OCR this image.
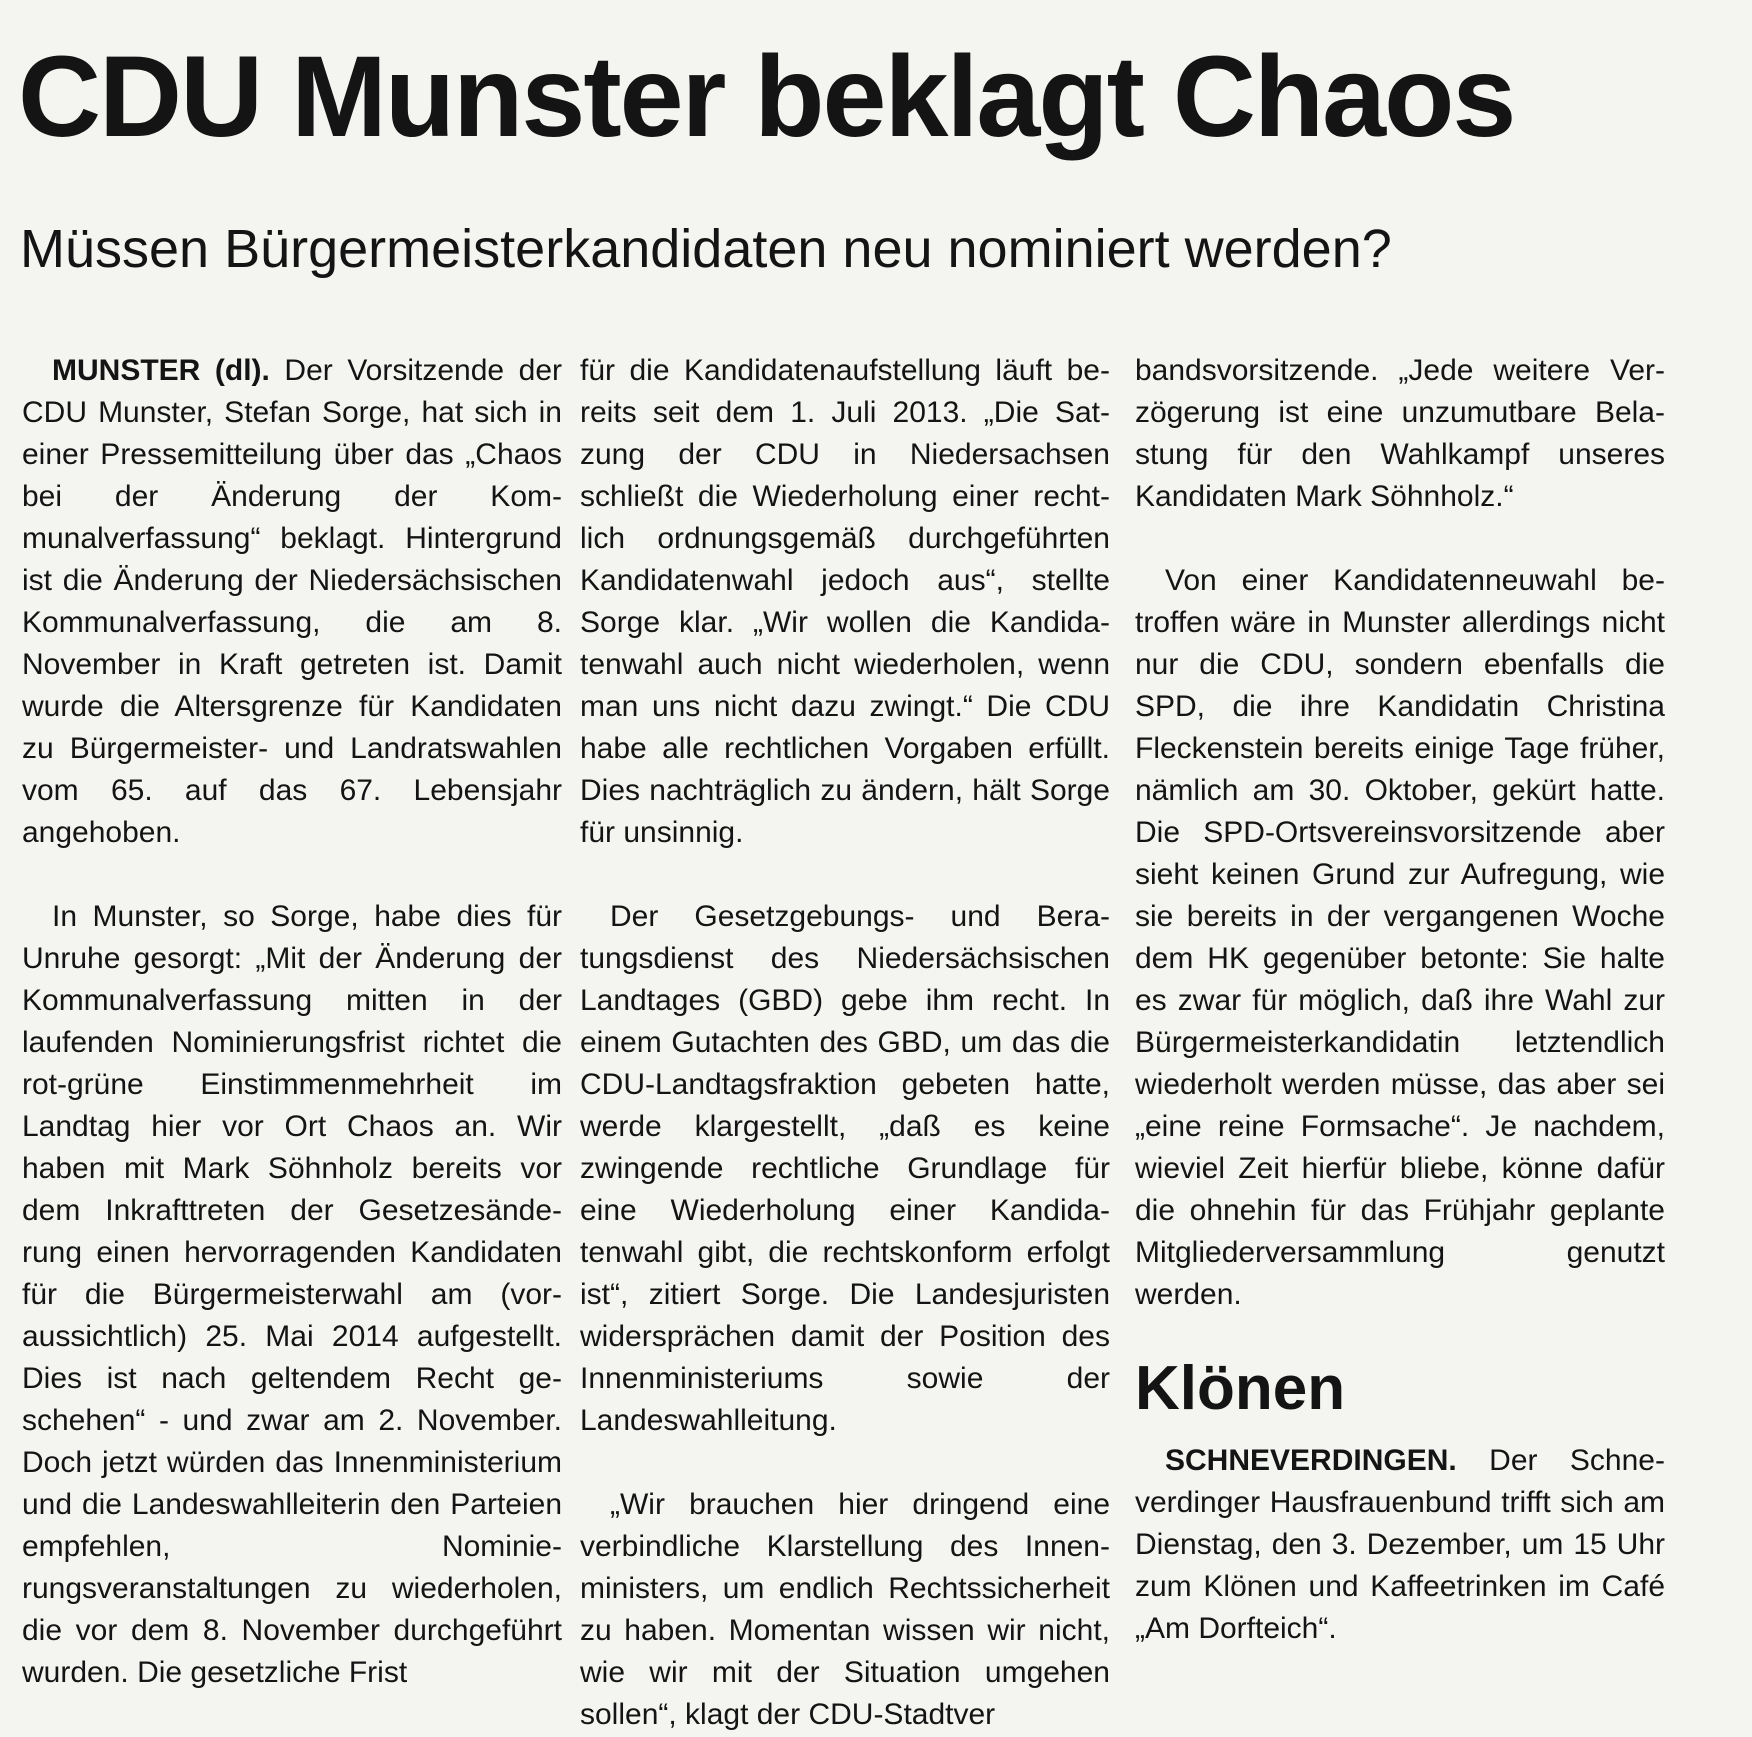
CDU Munster beklagt Chaos
Müssen Bürgermeisterkandidaten neu nominiert werden?

MUNSTER (dl). Der Vorsitzende der CDU Munster, Stefan Sorge, hat sich in einer Pressemitteilung über das „Chaos bei der Änderung der Kommunalverfassung“ beklagt. Hintergrund ist die Änderung der Niedersächsischen Kommunalverfassung, die am 8. November in Kraft getreten ist. Damit wurde die Altersgrenze für Kandidaten zu Bürgermeister- und Landratswahlen vom 65. auf das 67. Lebensjahr angehoben.

In Munster, so Sorge, habe dies für Unruhe gesorgt: „Mit der Änderung der Kommunalverfassung mitten in der laufenden Nominierungsfrist richtet die rot-grüne Einstimmenmehrheit im Landtag hier vor Ort Chaos an. Wir haben mit Mark Söhnholz bereits vor dem Inkrafttreten der Gesetzesänderung einen hervorragenden Kandidaten für die Bürgermeisterwahl am (voraussichtlich) 25. Mai 2014 aufgestellt. Dies ist nach geltendem Recht geschehen“ - und zwar am 2. November. Doch jetzt würden das Innenministerium und die Landeswahlleiterin den Parteien empfehlen, Nominierungsveranstaltungen zu wiederholen, die vor dem 8. November durchgeführt wurden. Die gesetzliche Frist

für die Kandidatenaufstellung läuft bereits seit dem 1. Juli 2013. „Die Satzung der CDU in Niedersachsen schließt die Wiederholung einer rechtlich ordnungsgemäß durchgeführten Kandidatenwahl jedoch aus“, stellte Sorge klar. „Wir wollen die Kandidatenwahl auch nicht wiederholen, wenn man uns nicht dazu zwingt.“ Die CDU habe alle rechtlichen Vorgaben erfüllt. Dies nachträglich zu ändern, hält Sorge für unsinnig.

Der Gesetzgebungs- und Beratungsdienst des Niedersächsischen Landtages (GBD) gebe ihm recht. In einem Gutachten des GBD, um das die CDU-Landtagsfraktion gebeten hatte, werde klargestellt, „daß es keine zwingende rechtliche Grundlage für eine Wiederholung einer Kandidatenwahl gibt, die rechtskonform erfolgt ist“, zitiert Sorge. Die Landesjuristen widersprächen damit der Position des Innenministeriums sowie der Landeswahlleitung.

„Wir brauchen hier dringend eine verbindliche Klarstellung des Innenministers, um endlich Rechtssicherheit zu haben. Momentan wissen wir nicht, wie wir mit der Situation umgehen sollen“, klagt der CDU-Stadtver

bandsvorsitzende. „Jede weitere Verzögerung ist eine unzumutbare Belastung für den Wahlkampf unseres Kandidaten Mark Söhnholz.“

Von einer Kandidatenneuwahl betroffen wäre in Munster allerdings nicht nur die CDU, sondern ebenfalls die SPD, die ihre Kandidatin Christina Fleckenstein bereits einige Tage früher, nämlich am 30. Oktober, gekürt hatte. Die SPD-Ortsvereinsvorsitzende aber sieht keinen Grund zur Aufregung, wie sie bereits in der vergangenen Woche dem HK gegenüber betonte: Sie halte es zwar für möglich, daß ihre Wahl zur Bürgermeisterkandidatin letztendlich wiederholt werden müsse, das aber sei „eine reine Formsache“. Je nachdem, wieviel Zeit hierfür bliebe, könne dafür die ohnehin für das Frühjahr geplante Mitgliederversammlung genutzt werden.

Klönen

SCHNEVERDINGEN. Der Schneverdinger Hausfrauenbund trifft sich am Dienstag, den 3. Dezember, um 15 Uhr zum Klönen und Kaffeetrinken im Café „Am Dorfteich“.
